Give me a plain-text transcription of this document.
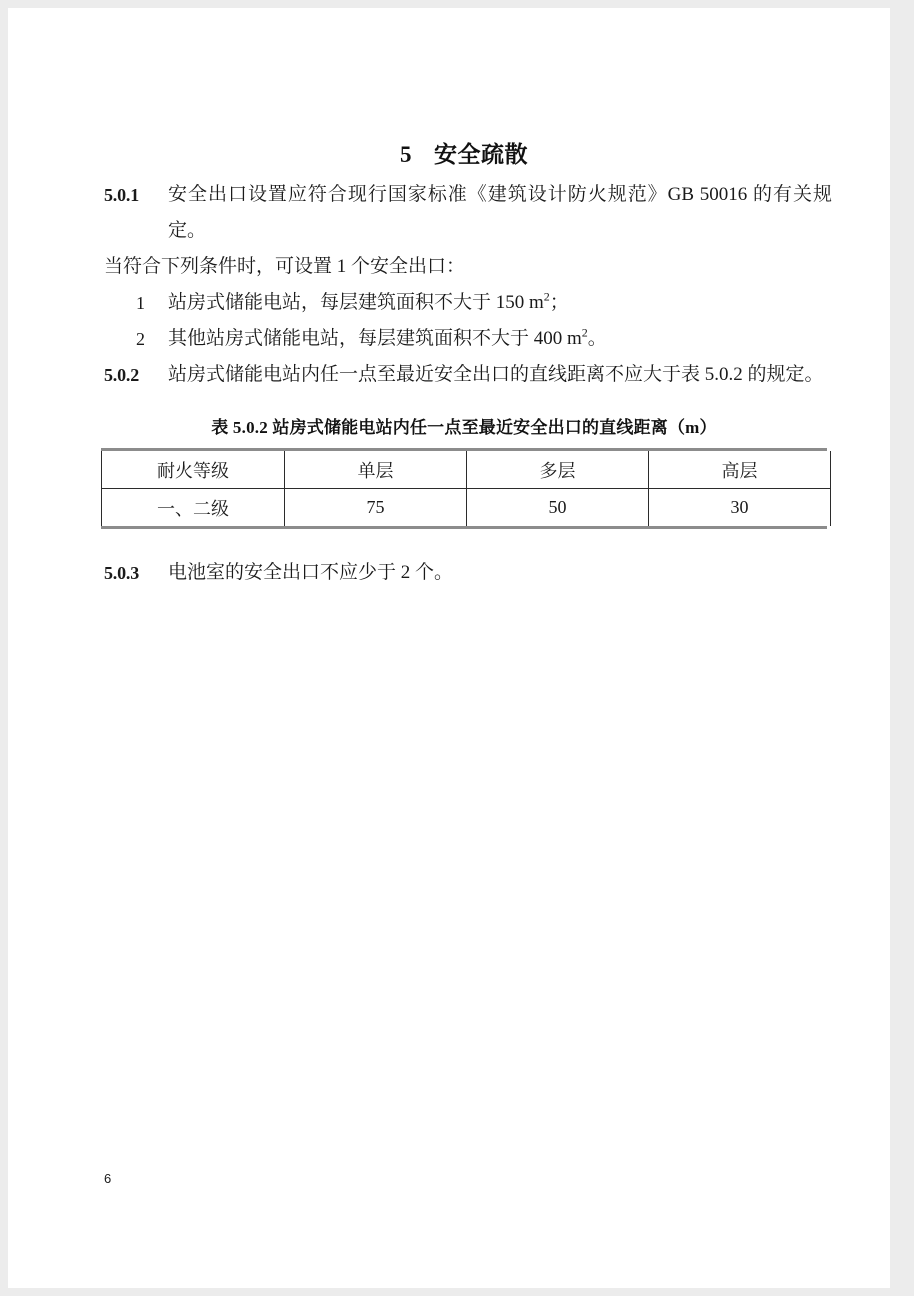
5 安全疏散

5.0.1 安全出口设置应符合现行国家标准《建筑设计防火规范》GB 50016 的有关规定。

当符合下列条件时，可设置 1 个安全出口：

1 站房式储能电站，每层建筑面积不大于 150 $m^2$；

2 其他站房式储能电站，每层建筑面积不大于 400 $m^2$。

5.0.2 站房式储能电站内任一点至最近安全出口的直线距离不应大于表 5.0.2 的规定。

表 5.0.2 站房式储能电站内任一点至最近安全出口的直线距离（m）

耐火等级	单层	多层	高层
一、二级	75	50	30

5.0.3 电池室的安全出口不应少于 2 个。

6
